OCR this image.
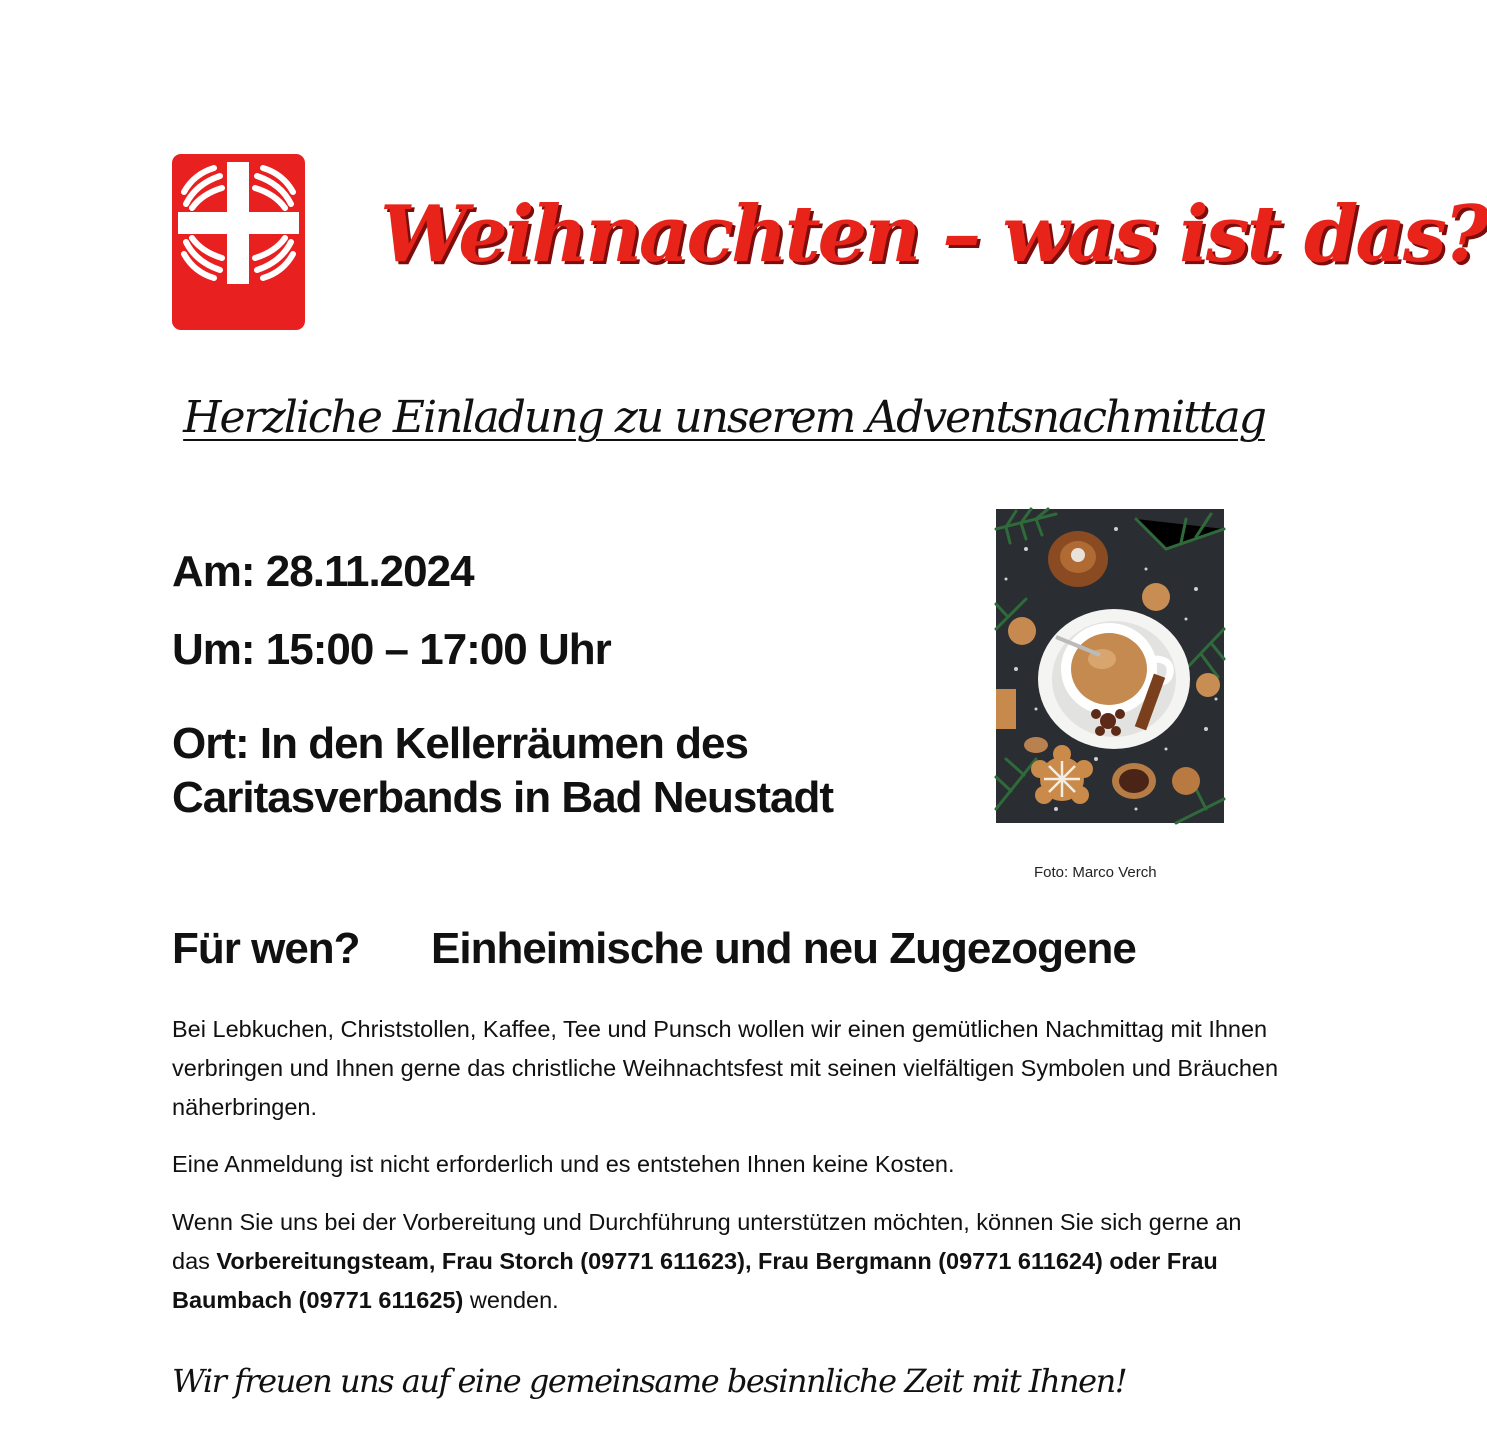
caritas
Weihnachten – was ist das?
Herzliche Einladung zu unserem Adventsnachmittag
Am: 28.11.2024
Um: 15:00 – 17:00 Uhr
Ort: In den Kellerräumen des
Caritasverbands in Bad Neustadt
Foto: Marco Verch
Für wen? Einheimische und neu Zugezogene
Bei Lebkuchen, Christstollen, Kaffee, Tee und Punsch wollen wir einen gemütlichen Nachmittag mit Ihnen verbringen und Ihnen gerne das christliche Weihnachtsfest mit seinen vielfältigen Symbolen und Bräuchen näherbringen.
Eine Anmeldung ist nicht erforderlich und es entstehen Ihnen keine Kosten.
Wenn Sie uns bei der Vorbereitung und Durchführung unterstützen möchten, können Sie sich gerne an das Vorbereitungsteam, Frau Storch (09771 611623), Frau Bergmann (09771 611624) oder Frau Baumbach (09771 611625) wenden.
Wir freuen uns auf eine gemeinsame besinnliche Zeit mit Ihnen!
